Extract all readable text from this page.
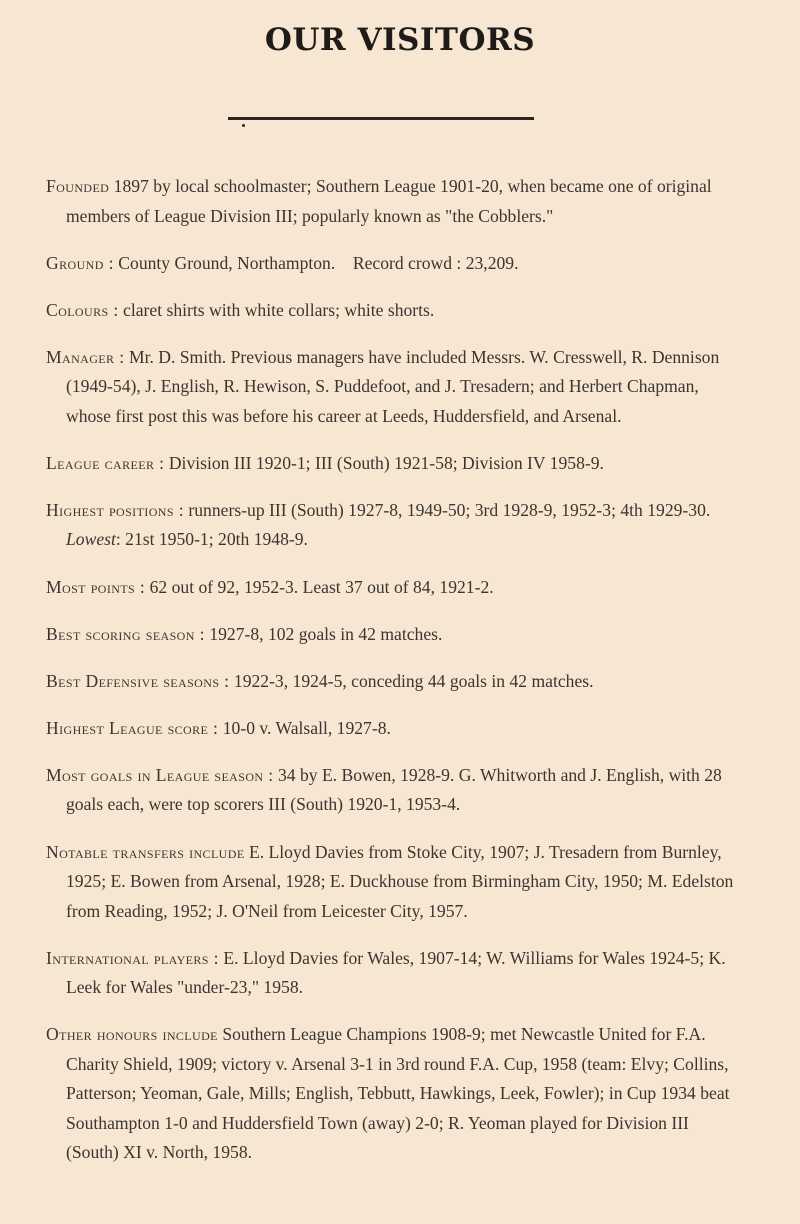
OUR VISITORS

Founded 1897 by local schoolmaster; Southern League 1901-20, when became one of original members of League Division III; popularly known as "the Cobblers."

Ground : County Ground, Northampton.    Record crowd : 23,209.

Colours : claret shirts with white collars; white shorts.

Manager : Mr. D. Smith. Previous managers have included Messrs. W. Cresswell, R. Dennison (1949-54), J. English, R. Hewison, S. Puddefoot, and J. Tresadern; and Herbert Chapman, whose first post this was before his career at Leeds, Huddersfield, and Arsenal.

League career : Division III 1920-1; III (South) 1921-58; Division IV 1958-9.

Highest positions : runners-up III (South) 1927-8, 1949-50; 3rd 1928-9, 1952-3; 4th 1929-30. Lowest: 21st 1950-1; 20th 1948-9.

Most points : 62 out of 92, 1952-3. Least 37 out of 84, 1921-2.

Best scoring season : 1927-8, 102 goals in 42 matches.

Best Defensive seasons : 1922-3, 1924-5, conceding 44 goals in 42 matches.

Highest League score : 10-0 v. Walsall, 1927-8.

Most goals in League season : 34 by E. Bowen, 1928-9. G. Whitworth and J. English, with 28 goals each, were top scorers III (South) 1920-1, 1953-4.

Notable transfers include E. Lloyd Davies from Stoke City, 1907; J. Tresadern from Burnley, 1925; E. Bowen from Arsenal, 1928; E. Duckhouse from Birmingham City, 1950; M. Edelston from Reading, 1952; J. O'Neil from Leicester City, 1957.

International players : E. Lloyd Davies for Wales, 1907-14; W. Williams for Wales 1924-5; K. Leek for Wales "under-23," 1958.

Other honours include Southern League Champions 1908-9; met Newcastle United for F.A. Charity Shield, 1909; victory v. Arsenal 3-1 in 3rd round F.A. Cup, 1958 (team: Elvy; Collins, Patterson; Yeoman, Gale, Mills; English, Tebbutt, Hawkings, Leek, Fowler); in Cup 1934 beat Southampton 1-0 and Huddersfield Town (away) 2-0; R. Yeoman played for Division III (South) XI v. North, 1958.
